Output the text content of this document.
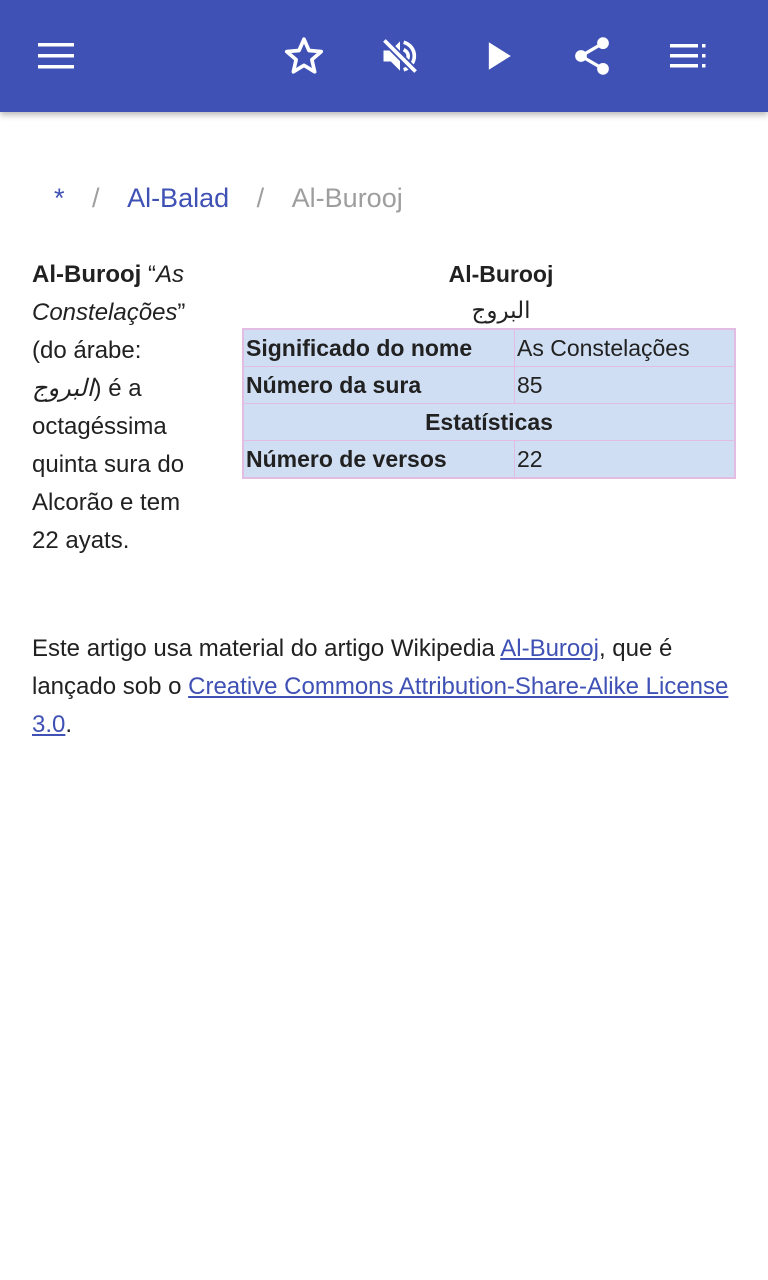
* / Al-Balad / Al-Burooj
Al-Burooj “As Constelações” (do árabe: البروج) é a octagéssima quinta sura do Alcorão e tem 22 ayats.
Al-Burooj
البروج
Significado do nome	As Constelações
Número da sura	85
Estatísticas	
Número de versos	22
Este artigo usa material do artigo Wikipedia Al-Burooj, que é lançado sob o Creative Commons Attribution-Share-Alike License 3.0.
